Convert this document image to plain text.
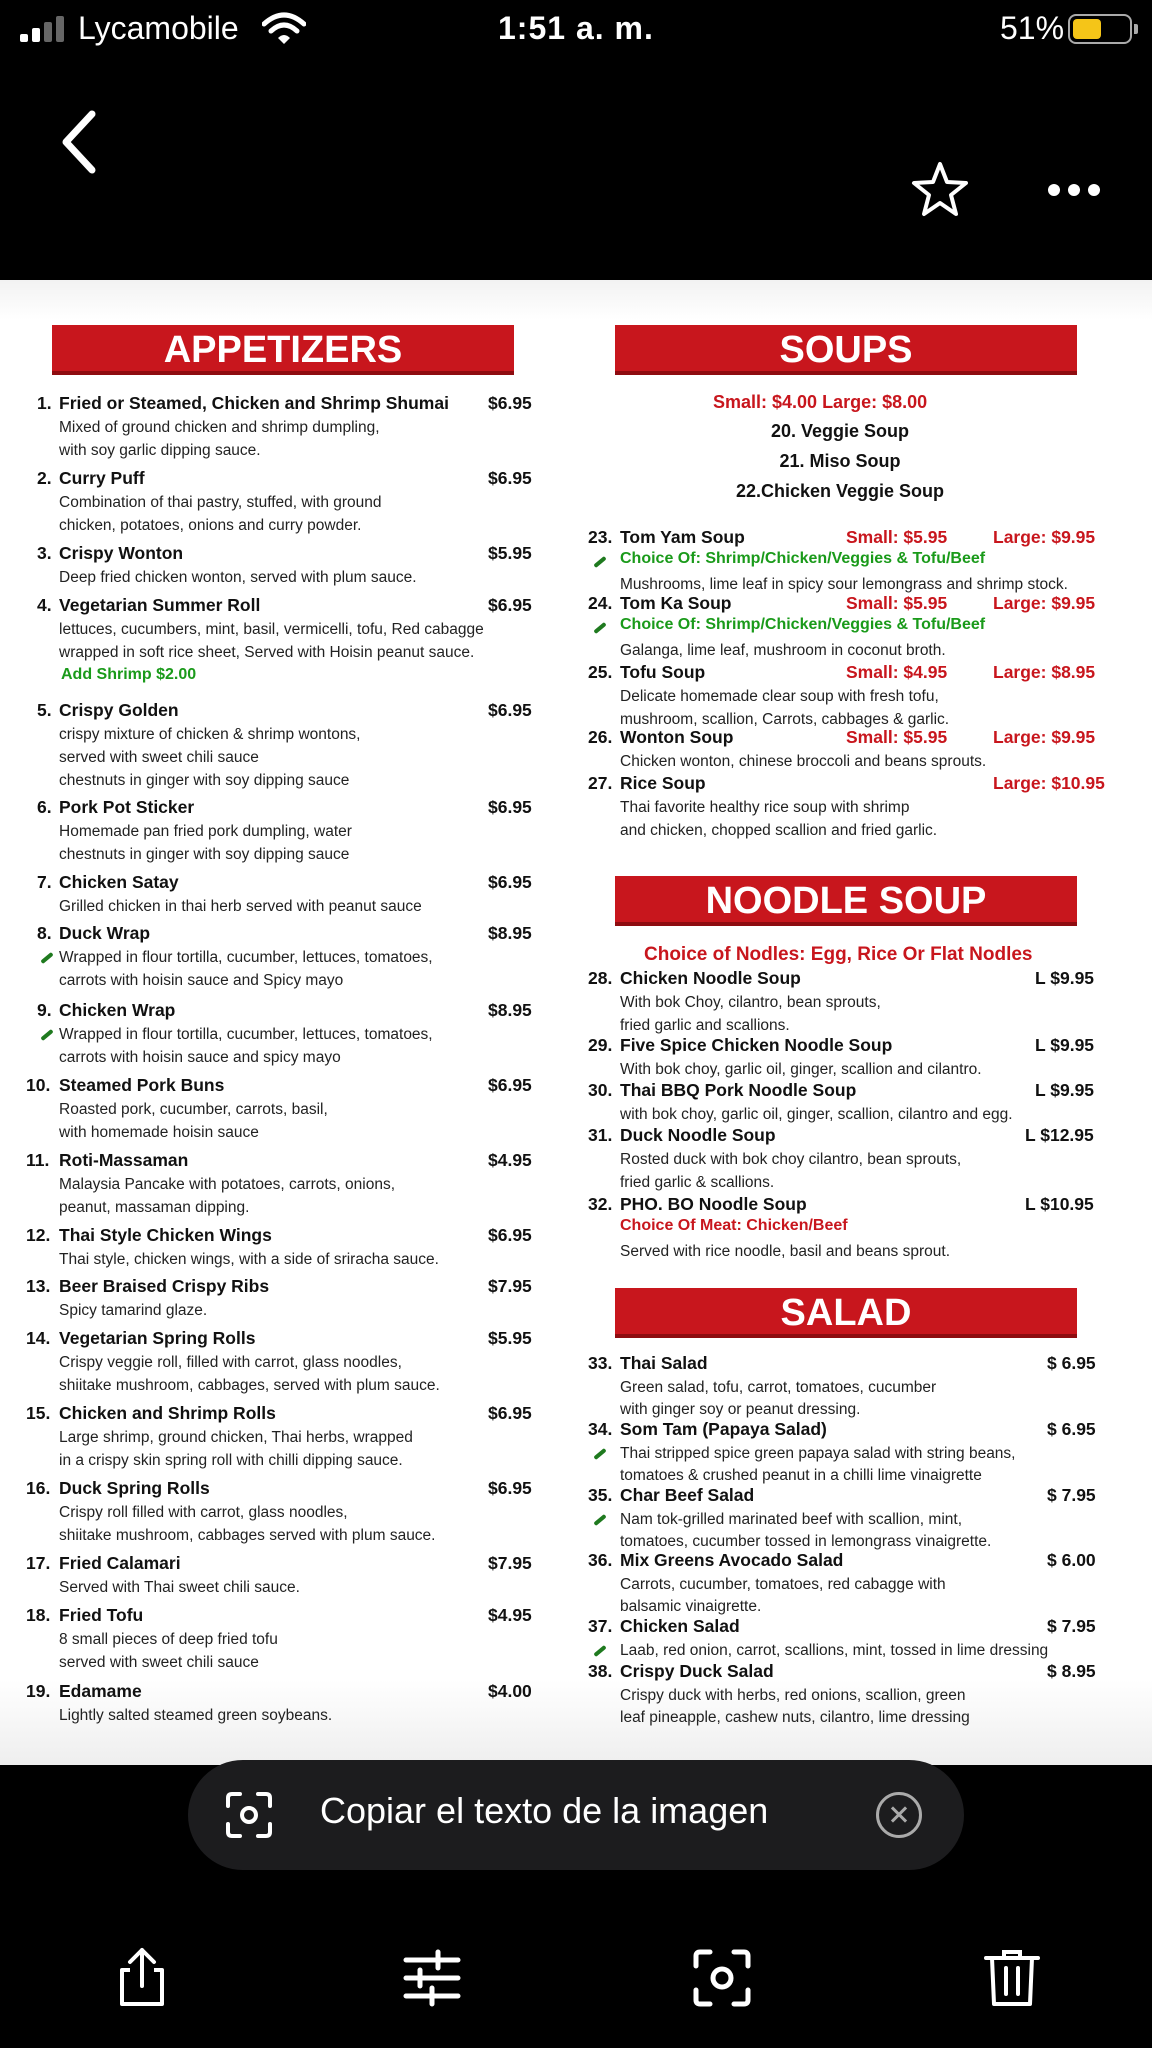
Lycamobile	1:51 a. m.	51%
APPETIZERS
1. Fried or Steamed, Chicken and Shrimp Shumai $6.95
Mixed of ground chicken and shrimp dumpling,
with soy garlic dipping sauce.
2. Curry Puff	$6.95
Combination of thai pastry, stuffed, with ground
chicken, potatoes, onions and curry powder.
3. Crispy Wonton	$5.95
Deep fried chicken wonton, served with plum sauce.
4. Vegetarian Summer Roll	$6.95
lettuces, cucumbers, mint, basil, vermicelli, tofu, Red cabagge
wrapped in soft rice sheet, Served with Hoisin peanut sauce.
Add Shrimp $2.00
5. Crispy Golden	$6.95
crispy mixture of chicken & shrimp wontons,
served with sweet chili sauce
chestnuts in ginger with soy dipping sauce
6. Pork Pot Sticker	$6.95
Homemade pan fried pork dumpling, water
chestnuts in ginger with soy dipping sauce
7. Chicken Satay	$6.95
Grilled chicken in thai herb served with peanut sauce
8. Duck Wrap	$8.95
Wrapped in flour tortilla, cucumber, lettuces, tomatoes,
carrots with hoisin sauce and Spicy mayo
9. Chicken Wrap	$8.95
Wrapped in flour tortilla, cucumber, lettuces, tomatoes,
carrots with hoisin sauce and spicy mayo
10. Steamed Pork Buns	$6.95
Roasted pork, cucumber, carrots, basil,
with homemade hoisin sauce
11. Roti-Massaman	$4.95
Malaysia Pancake with potatoes, carrots, onions,
peanut, massaman dipping.
12. Thai Style Chicken Wings	$6.95
Thai style, chicken wings, with a side of sriracha sauce.
13. Beer Braised Crispy Ribs	$7.95
Spicy tamarind glaze.
14. Vegetarian Spring Rolls	$5.95
Crispy veggie roll, filled with carrot, glass noodles,
shiitake mushroom, cabbages, served with plum sauce.
15. Chicken and Shrimp Rolls	$6.95
Large shrimp, ground chicken, Thai herbs, wrapped
in a crispy skin spring roll with chilli dipping sauce.
16. Duck Spring Rolls	$6.95
Crispy roll filled with carrot, glass noodles,
shiitake mushroom, cabbages served with plum sauce.
17. Fried Calamari	$7.95
Served with Thai sweet chili sauce.
18. Fried Tofu	$4.95
8 small pieces of deep fried tofu
served with sweet chili sauce
19. Edamame	$4.00
Lightly salted steamed green soybeans.
SOUPS
Small: $4.00 Large: $8.00
20. Veggie Soup
21. Miso Soup
22.Chicken Veggie Soup
NOODLE SOUP
Choice of Nodles: Egg, Rice Or Flat Nodles
SALAD
23. Tom Yam Soup	Small: $5.95	Large: $9.95
Choice Of: Shrimp/Chicken/Veggies & Tofu/Beef
Mushrooms, lime leaf in spicy sour lemongrass and shrimp stock.
24. Tom Ka Soup	Small: $5.95	Large: $9.95
Choice Of: Shrimp/Chicken/Veggies & Tofu/Beef
Galanga, lime leaf, mushroom in coconut broth.
25. Tofu Soup	Small: $4.95	Large: $8.95
Delicate homemade clear soup with fresh tofu,
mushroom, scallion, Carrots, cabbages & garlic.
26. Wonton Soup	Small: $5.95	Large: $9.95
Chicken wonton, chinese broccoli and beans sprouts.
27. Rice Soup	Large: $10.95
Thai favorite healthy rice soup with shrimp
and chicken, chopped scallion and fried garlic.
28. Chicken Noodle Soup	L $9.95
With bok Choy, cilantro, bean sprouts,
fried garlic and scallions.
29. Five Spice Chicken Noodle Soup	L $9.95
With bok choy, garlic oil, ginger, scallion and cilantro.
30. Thai BBQ Pork Noodle Soup	L $9.95
with bok choy, garlic oil, ginger, scallion, cilantro and egg.
31. Duck Noodle Soup	L $12.95
Rosted duck with bok choy cilantro, bean sprouts,
fried garlic & scallions.
32. PHO. BO Noodle Soup	L $10.95
Choice Of Meat: Chicken/Beef
Served with rice noodle, basil and beans sprout.
33. Thai Salad	$ 6.95
Green salad, tofu, carrot, tomatoes, cucumber
with ginger soy or peanut dressing.
34. Som Tam (Papaya Salad)	$ 6.95
Thai stripped spice green papaya salad with string beans,
tomatoes & crushed peanut in a chilli lime vinaigrette
35. Char Beef Salad	$ 7.95
Nam tok-grilled marinated beef with scallion, mint,
tomatoes, cucumber tossed in lemongrass vinaigrette.
36. Mix Greens Avocado Salad	$ 6.00
Carrots, cucumber, tomatoes, red cabagge with
balsamic vinaigrette.
37. Chicken Salad	$ 7.95
Laab, red onion, carrot, scallions, mint, tossed in lime dressing
38. Crispy Duck Salad	$ 8.95
Crispy duck with herbs, red onions, scallion, green
leaf pineapple, cashew nuts, cilantro, lime dressing
Copiar el texto de la imagen
